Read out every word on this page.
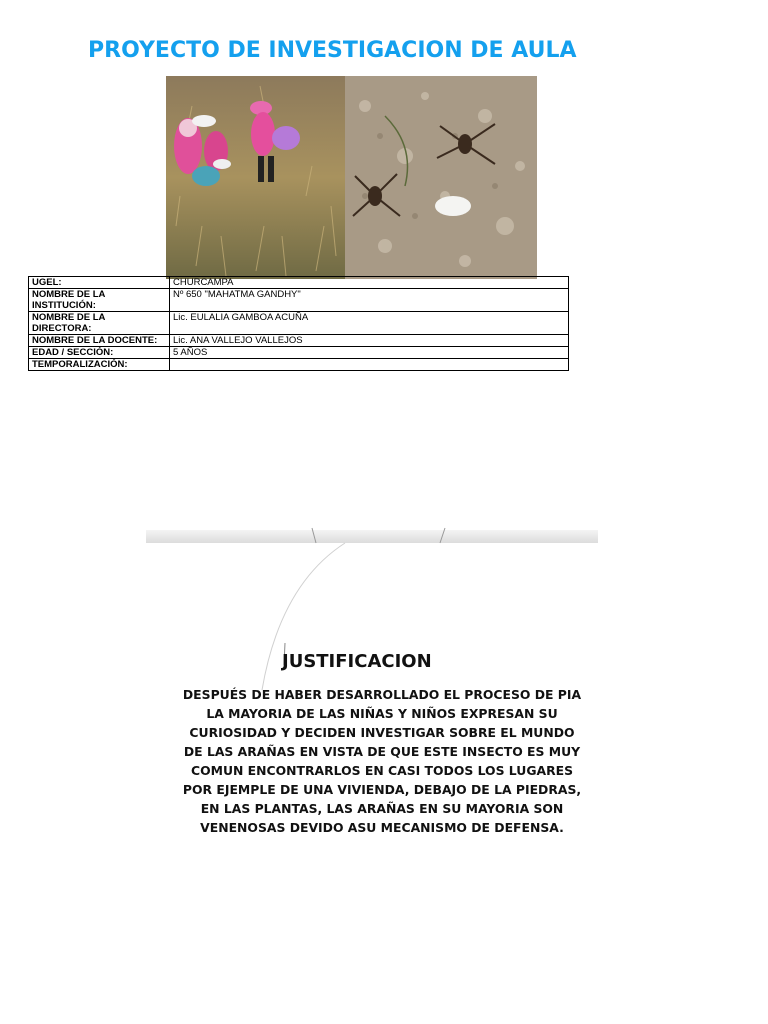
PROYECTO DE INVESTIGACION DE AULA
UGEL:	CHURCAMPA
NOMBRE DE LA INSTITUCIÓN:	Nº 650 "MAHATMA GANDHY"
NOMBRE DE LA DIRECTORA:	Lic. EULALIA GAMBOA ACUÑA
NOMBRE DE LA DOCENTE:	Lic. ANA VALLEJO VALLEJOS
EDAD / SECCIÓN:	5 AÑOS
TEMPORALIZACIÓN:	
JUSTIFICACION
DESPUÉS DE HABER DESARROLLADO EL PROCESO DE PIA LA MAYORIA DE LAS NIÑAS Y NIÑOS EXPRESAN SU CURIOSIDAD Y DECIDEN INVESTIGAR SOBRE EL MUNDO DE LAS ARAÑAS EN VISTA DE QUE ESTE INSECTO ES MUY COMUN ENCONTRARLOS EN CASI TODOS LOS LUGARES POR EJEMPLE DE UNA VIVIENDA, DEBAJO DE LA PIEDRAS, EN LAS PLANTAS, LAS ARAÑAS EN SU MAYORIA SON VENENOSAS DEVIDO ASU MECANISMO DE DEFENSA.
